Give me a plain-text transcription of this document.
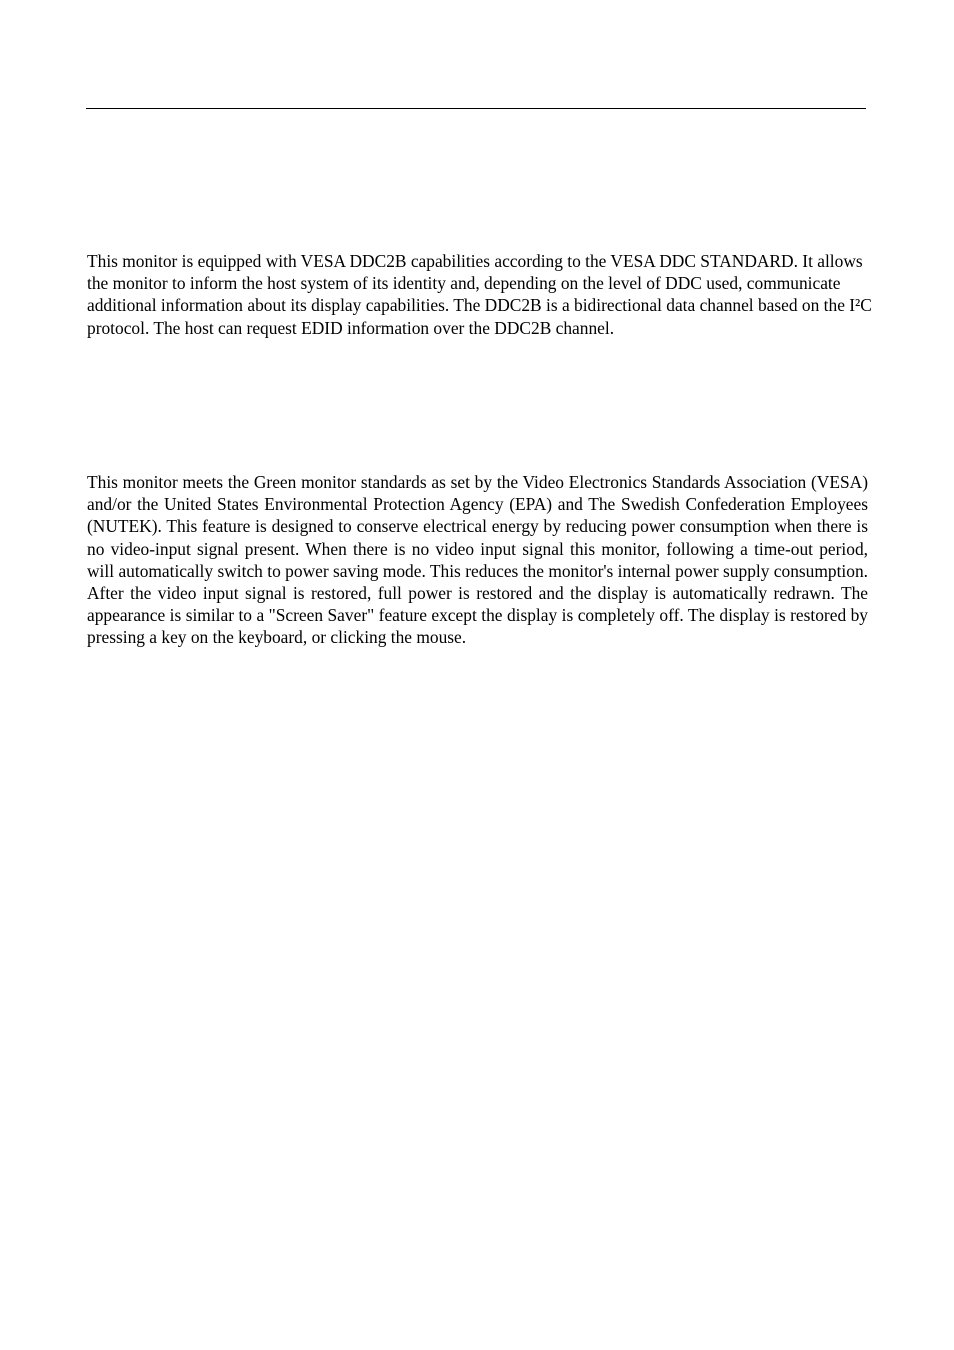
This monitor is equipped with VESA DDC2B capabilities according to the VESA DDC STANDARD. It allows the monitor to inform the host system of its identity and, depending on the level of DDC used, communicate additional information about its display capabilities. The DDC2B is a bidirectional data channel based on the I²C protocol. The host can request EDID information over the DDC2B channel.

This monitor meets the Green monitor standards as set by the Video Electronics Standards Association (VESA) and/or the United States Environmental Protection Agency (EPA) and The Swedish Confederation Employees (NUTEK). This feature is designed to conserve electrical energy by reducing power consumption when there is no video-input signal present. When there is no video input signal this monitor, following a time-out period, will automatically switch to power saving mode. This reduces the monitor's internal power supply consumption. After the video input signal is restored, full power is restored and the display is automatically redrawn. The appearance is similar to a "Screen Saver" feature except the display is completely off. The display is restored by pressing a key on the keyboard, or clicking the mouse.
